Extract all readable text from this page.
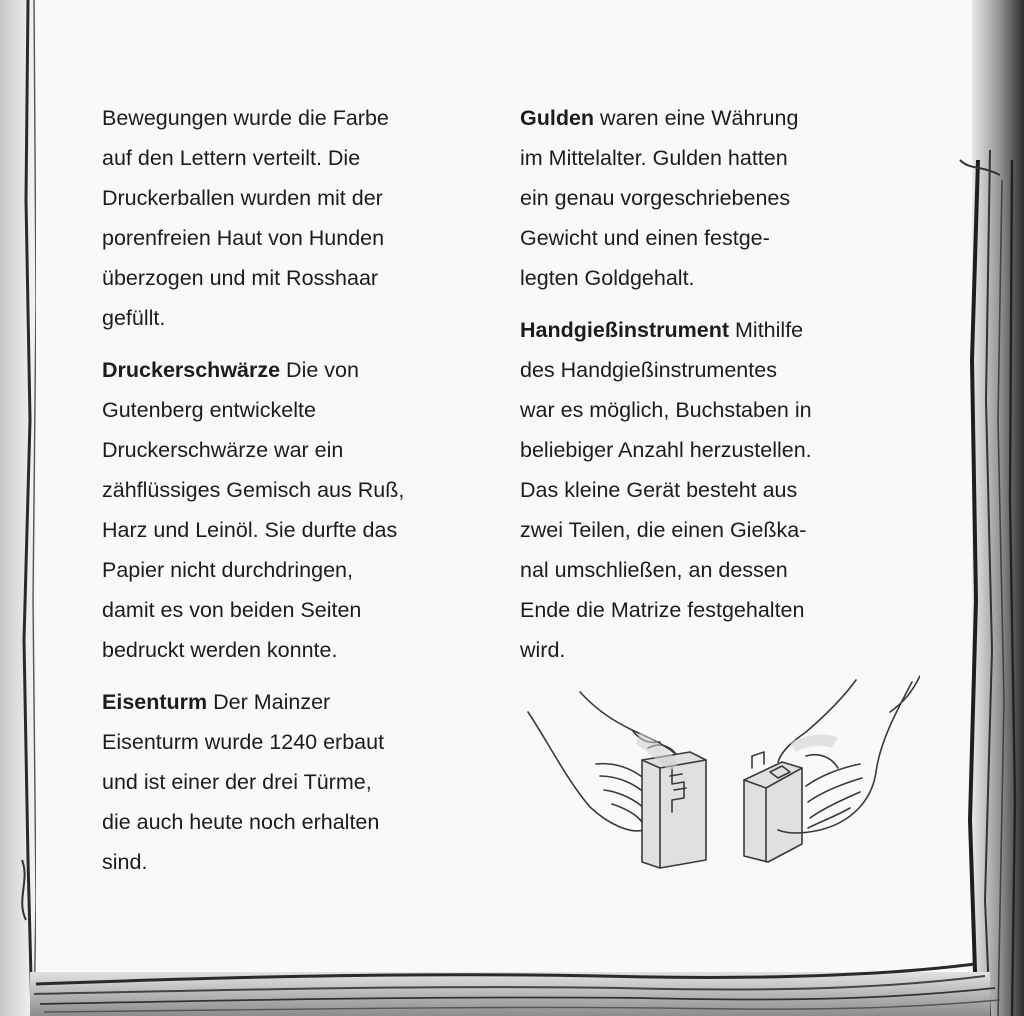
Bewegungen wurde die Farbe
auf den Lettern verteilt. Die
Druckerballen wurden mit der
porenfreien Haut von Hunden
überzogen und mit Rosshaar
gefüllt.
Druckerschwärze Die von
Gutenberg entwickelte
Druckerschwärze war ein
zähflüssiges Gemisch aus Ruß,
Harz und Leinöl. Sie durfte das
Papier nicht durchdringen,
damit es von beiden Seiten
bedruckt werden konnte.
Eisenturm Der Mainzer
Eisenturm wurde 1240 erbaut
und ist einer der drei Türme,
die auch heute noch erhalten
sind.
Gulden waren eine Währung
im Mittelalter. Gulden hatten
ein genau vorgeschriebenes
Gewicht und einen festge-
legten Goldgehalt.
Handgießinstrument Mithilfe
des Handgießinstrumentes
war es möglich, Buchstaben in
beliebiger Anzahl herzustellen.
Das kleine Gerät besteht aus
zwei Teilen, die einen Gießka-
nal umschließen, an dessen
Ende die Matrize festgehalten
wird.
